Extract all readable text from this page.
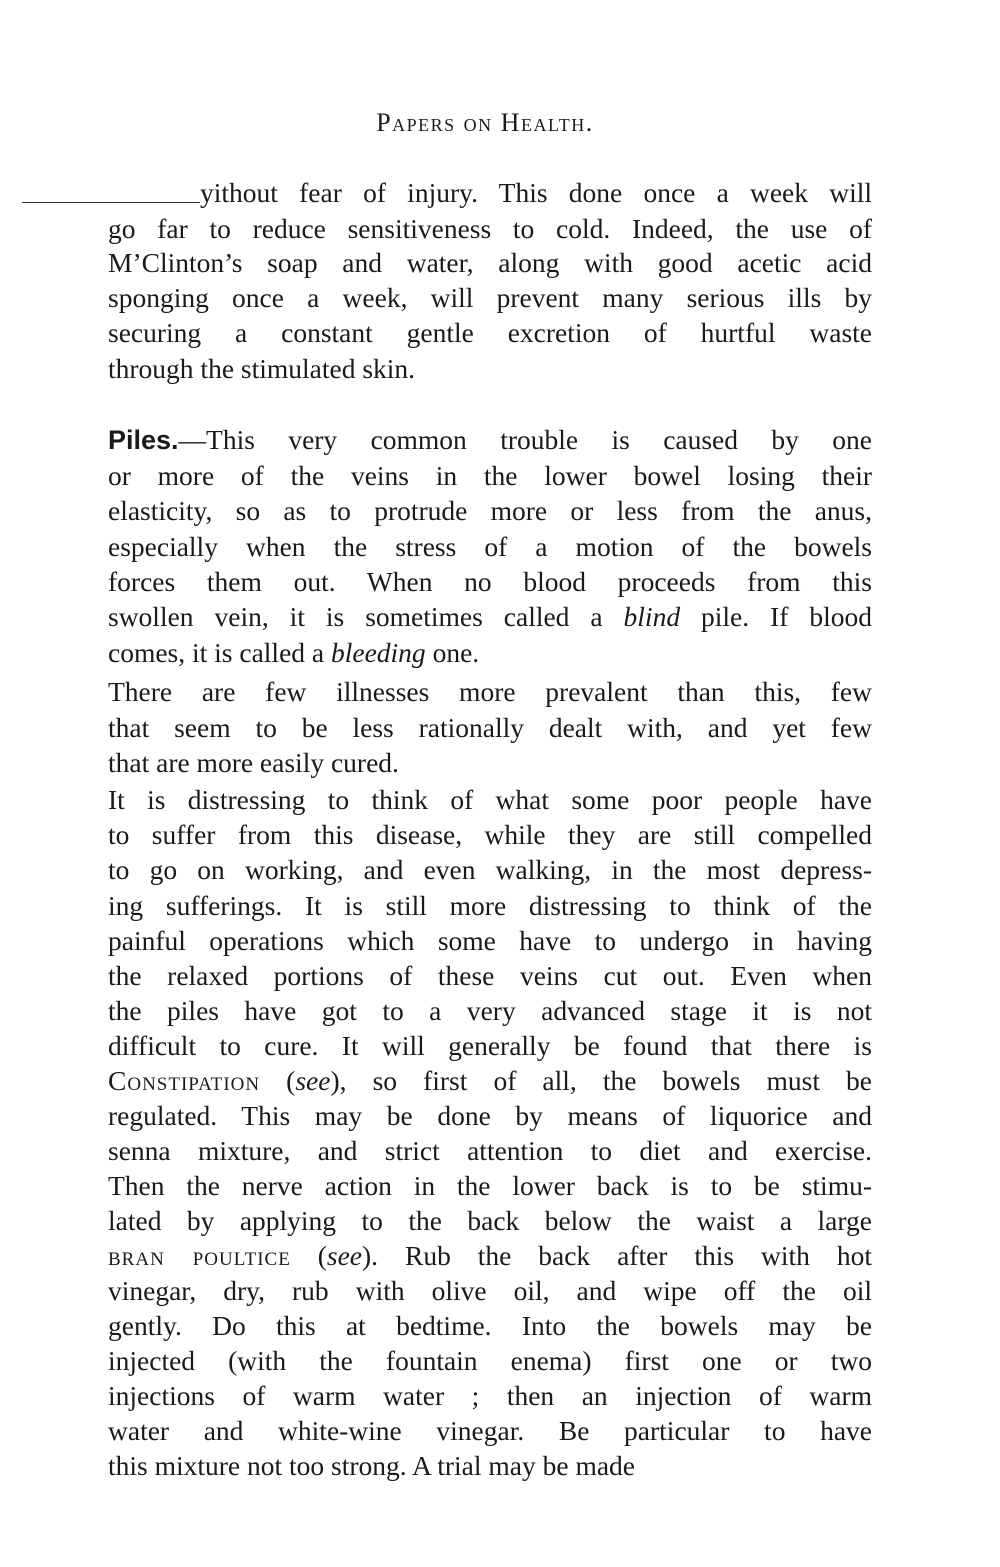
Papers on Health.
yithout fear of injury. This done once a week will
go far to reduce sensitiveness to cold. Indeed, the use of
M’Clinton’s soap and water, along with good acetic acid
sponging once a week, will prevent many serious ills by
securing a constant gentle excretion of hurtful waste
through the stimulated skin.
Piles.—This very common trouble is caused by one
or more of the veins in the lower bowel losing their
elasticity, so as to protrude more or less from the anus,
especially when the stress of a motion of the bowels
forces them out. When no blood proceeds from this
swollen vein, it is sometimes called a blind pile. If blood
comes, it is called a bleeding one.
There are few illnesses more prevalent than this, few
that seem to be less rationally dealt with, and yet few
that are more easily cured.
It is distressing to think of what some poor people have
to suffer from this disease, while they are still compelled
to go on working, and even walking, in the most depress-
ing sufferings. It is still more distressing to think of the
painful operations which some have to undergo in having
the relaxed portions of these veins cut out. Even when
the piles have got to a very advanced stage it is not
difficult to cure. It will generally be found that there is
Constipation (see), so first of all, the bowels must be
regulated. This may be done by means of liquorice and
senna mixture, and strict attention to diet and exercise.
Then the nerve action in the lower back is to be stimu-
lated by applying to the back below the waist a large
bran poultice (see). Rub the back after this with hot
vinegar, dry, rub with olive oil, and wipe off the oil
gently. Do this at bedtime. Into the bowels may be
injected (with the fountain enema) first one or two
injections of warm water ; then an injection of warm
water and white-wine vinegar. Be particular to have
this mixture not too strong. A trial may be made
